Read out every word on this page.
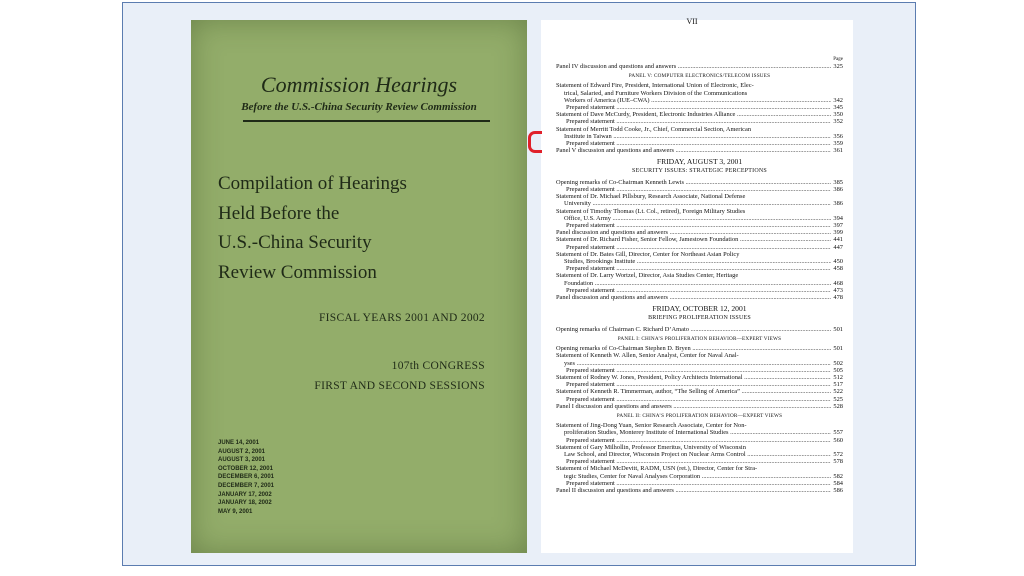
Commission Hearings
Before the U.S.-China Security Review Commission
Compilation of Hearings
Held Before the
U.S.-China Security
Review Commission
FISCAL YEARS 2001 AND 2002
107th CONGRESS
FIRST AND SECOND SESSIONS
JUNE 14, 2001
AUGUST 2, 2001
AUGUST 3, 2001
OCTOBER 12, 2001
DECEMBER 6, 2001
DECEMBER 7, 2001
JANUARY 17, 2002
JANUARY 18, 2002
MAY 9, 2001
VII
Page
Panel IV discussion and questions and answers .....	325
PANEL V: COMPUTER ELECTRONICS/TELECOM ISSUES
Statement of Edward Fire, President, International Union of Electronic, Elec-
trical, Salaried, and Furniture Workers Division of the Communications
Workers of America (IUE–CWA) .....	342
Prepared statement .....	345
Statement of Dave McCurdy, President, Electronic Industries Alliance .....	350
Prepared statement .....	352
Statement of Merritt Todd Cooke, Jr., Chief, Commercial Section, American
Institute in Taiwan .....	356
Prepared statement .....	359
Panel V discussion and questions and answers .....	361
FRIDAY, AUGUST 3, 2001
SECURITY ISSUES: STRATEGIC PERCEPTIONS
Opening remarks of Co-Chairman Kenneth Lewis .....	385
Prepared statement .....	386
Statement of Dr. Michael Pillsbury, Research Associate, National Defense
University .....	386
Statement of Timothy Thomas (Lt. Col., retired), Foreign Military Studies
Office, U.S. Army .....	394
Prepared statement .....	397
Panel discussion and questions and answers .....	399
Statement of Dr. Richard Fisher, Senior Fellow, Jamestown Foundation .....	441
Prepared statement .....	447
Statement of Dr. Bates Gill, Director, Center for Northeast Asian Policy
Studies, Brookings Institute .....	450
Prepared statement .....	458
Statement of Dr. Larry Wortzel, Director, Asia Studies Center, Heritage
Foundation .....	468
Prepared statement .....	473
Panel discussion and questions and answers .....	478
FRIDAY, OCTOBER 12, 2001
BRIEFING PROLIFERATION ISSUES
Opening remarks of Chairman C. Richard D’Amato .....	501
PANEL I: CHINA’S PROLIFERATION BEHAVIOR—EXPERT VIEWS
Opening remarks of Co-Chairman Stephen D. Bryen .....	501
Statement of Kenneth W. Allen, Senior Analyst, Center for Naval Anal-
yses .....	502
Prepared statement .....	505
Statement of Rodney W. Jones, President, Policy Architects International .....	512
Prepared statement .....	517
Statement of Kenneth R. Timmerman, author, “The Selling of America” .....	522
Prepared statement .....	525
Panel I discussion and questions and answers .....	528
PANEL II: CHINA’S PROLIFERATION BEHAVIOR—EXPERT VIEWS
Statement of Jing-Dong Yuan, Senior Research Associate, Center for Non-
proliferation Studies, Monterey Institute of International Studies .....	557
Prepared statement .....	560
Statement of Gary Milhollin, Professor Emeritus, University of Wisconsin
Law School, and Director, Wisconsin Project on Nuclear Arms Control .....	572
Prepared statement .....	578
Statement of Michael McDevitt, RADM, USN (ret.), Director, Center for Stra-
tegic Studies, Center for Naval Analyses Corporation .....	582
Prepared statement .....	584
Panel II discussion and questions and answers .....	586
